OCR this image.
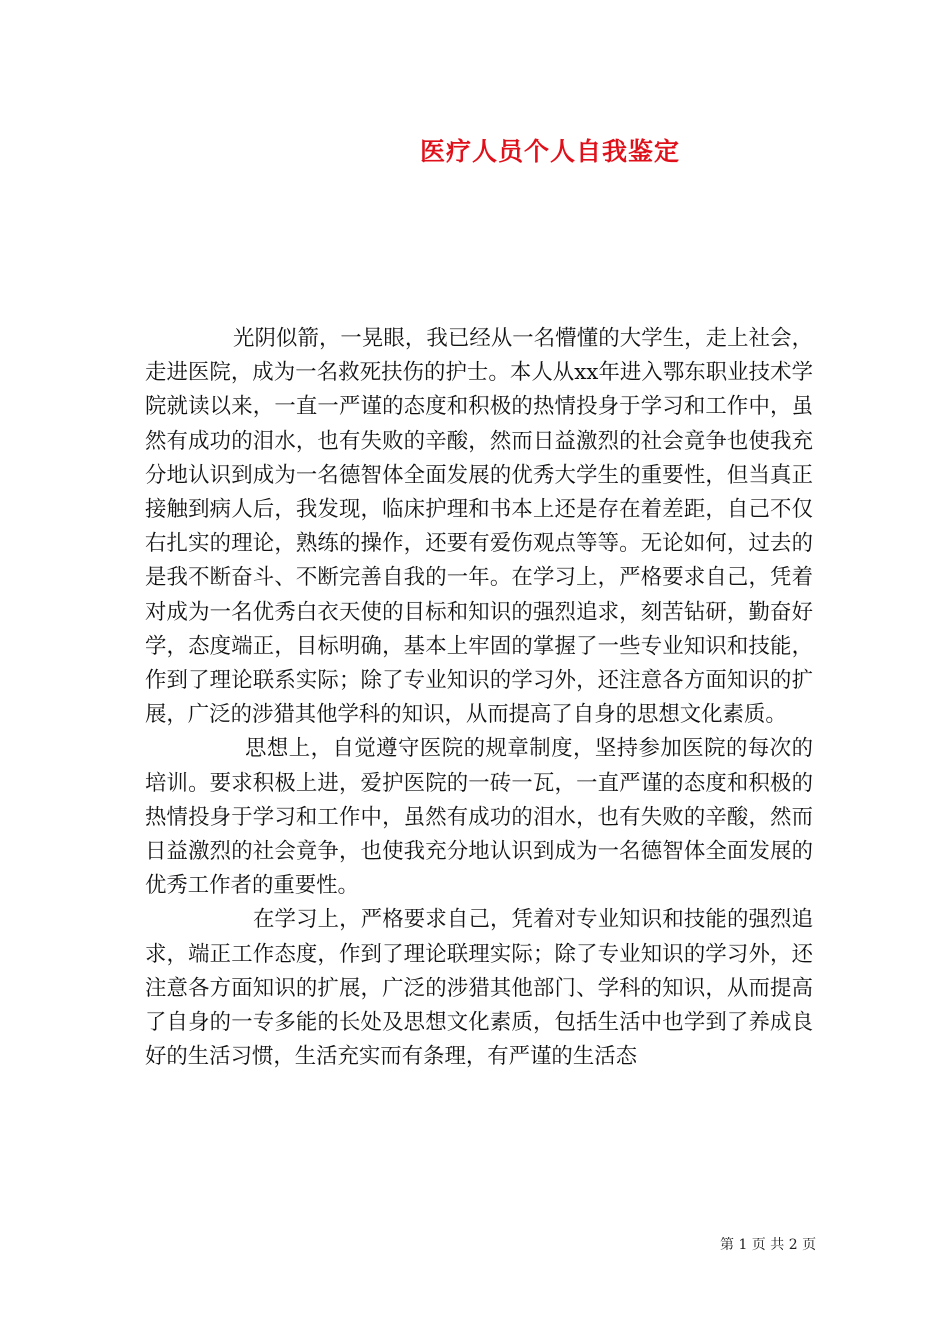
医疗人员个人自我鉴定

光阴似箭，一晃眼，我已经从一名懵懂的大学生，走上社会，走进医院，成为一名救死扶伤的护士。本人从xx年进入鄂东职业技术学院就读以来，一直一严谨的态度和积极的热情投身于学习和工作中，虽然有成功的泪水，也有失败的辛酸，然而日益激烈的社会竟争也使我充分地认识到成为一名德智体全面发展的优秀大学生的重要性，但当真正接触到病人后，我发现，临床护理和书本上还是存在着差距，自己不仅右扎实的理论，熟练的操作，还要有爱伤观点等等。无论如何，过去的是我不断奋斗、不断完善自我的一年。在学习上，严格要求自己，凭着对成为一名优秀白衣天使的目标和知识的强烈追求，刻苦钻研，勤奋好学，态度端正，目标明确，基本上牢固的掌握了一些专业知识和技能，作到了理论联系实际；除了专业知识的学习外，还注意各方面知识的扩展，广泛的涉猎其他学科的知识，从而提高了自身的思想文化素质。

思想上，自觉遵守医院的规章制度，坚持参加医院的每次的培训。要求积极上进，爱护医院的一砖一瓦，一直严谨的态度和积极的热情投身于学习和工作中，虽然有成功的泪水，也有失败的辛酸，然而日益激烈的社会竟争，也使我充分地认识到成为一名德智体全面发展的优秀工作者的重要性。

在学习上，严格要求自己，凭着对专业知识和技能的强烈追求，端正工作态度，作到了理论联理实际；除了专业知识的学习外，还注意各方面知识的扩展，广泛的涉猎其他部门、学科的知识，从而提高了自身的一专多能的长处及思想文化素质，包括生活中也学到了养成良好的生活习惯，生活充实而有条理，有严谨的生活态

第 1 页 共 2 页
